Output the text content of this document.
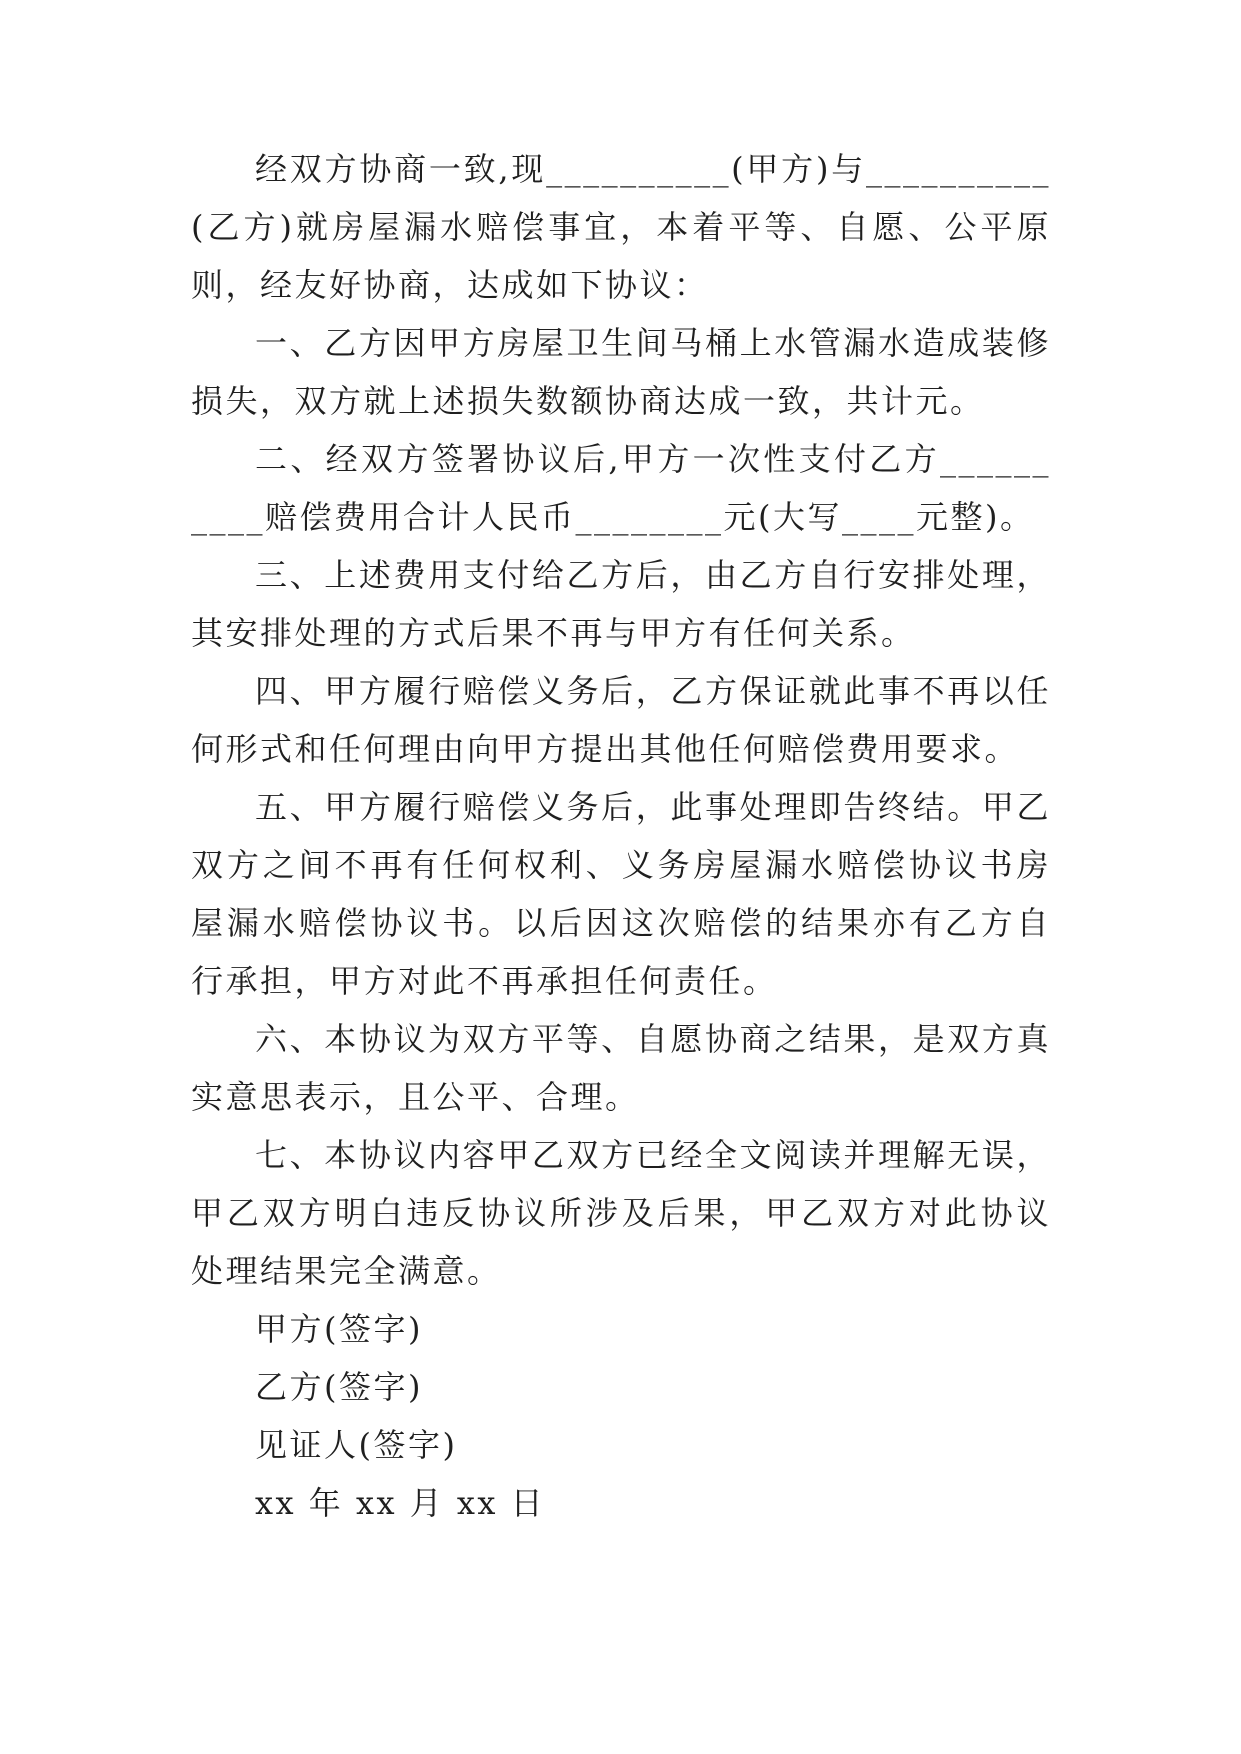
经双方协商一致,现__________(甲方)与__________(乙方)就房屋漏水赔偿事宜，本着平等、自愿、公平原则，经友好协商，达成如下协议：

一、乙方因甲方房屋卫生间马桶上水管漏水造成装修损失，双方就上述损失数额协商达成一致，共计元。

二、经双方签署协议后,甲方一次性支付乙方__________赔偿费用合计人民币________元(大写____元整)。

三、上述费用支付给乙方后，由乙方自行安排处理，其安排处理的方式后果不再与甲方有任何关系。

四、甲方履行赔偿义务后，乙方保证就此事不再以任何形式和任何理由向甲方提出其他任何赔偿费用要求。

五、甲方履行赔偿义务后，此事处理即告终结。甲乙双方之间不再有任何权利、义务房屋漏水赔偿协议书房屋漏水赔偿协议书。以后因这次赔偿的结果亦有乙方自行承担，甲方对此不再承担任何责任。

六、本协议为双方平等、自愿协商之结果，是双方真实意思表示，且公平、合理。

七、本协议内容甲乙双方已经全文阅读并理解无误，甲乙双方明白违反协议所涉及后果，甲乙双方对此协议处理结果完全满意。

甲方(签字)

乙方(签字)

见证人(签字)

xx 年 xx 月 xx 日
